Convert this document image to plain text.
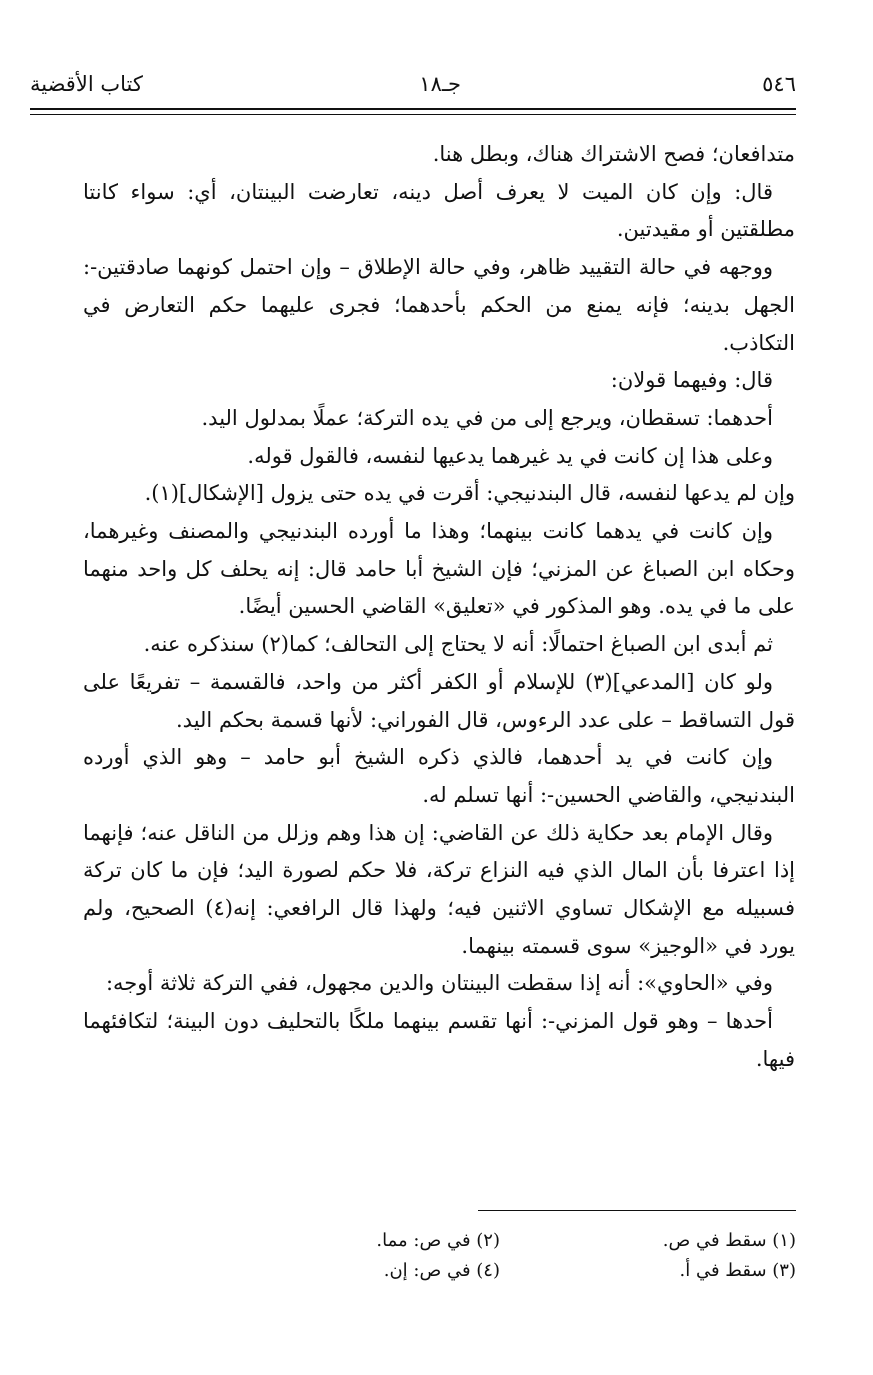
٥٤٦
جـ١٨
كتاب الأقضية

متدافعان؛ فصح الاشتراك هناك، وبطل هنا.

قال: وإن كان الميت لا يعرف أصل دينه، تعارضت البينتان، أي: سواء كانتا مطلقتين أو مقيدتين.

ووجهه في حالة التقييد ظاهر، وفي حالة الإطلاق – وإن احتمل كونهما صادقتين-: الجهل بدينه؛ فإنه يمنع من الحكم بأحدهما؛ فجرى عليهما حكم التعارض في التكاذب.

قال: وفيهما قولان:

أحدهما: تسقطان، ويرجع إلى من في يده التركة؛ عملًا بمدلول اليد.

وعلى هذا إن كانت في يد غيرهما يدعيها لنفسه، فالقول قوله.

وإن لم يدعها لنفسه، قال البندنيجي: أقرت في يده حتى يزول [الإشكال](١).

وإن كانت في يدهما كانت بينهما؛ وهذا ما أورده البندنيجي والمصنف وغيرهما، وحكاه ابن الصباغ عن المزني؛ فإن الشيخ أبا حامد قال: إنه يحلف كل واحد منهما على ما في يده. وهو المذكور في «تعليق» القاضي الحسين أيضًا.

ثم أبدى ابن الصباغ احتمالًا: أنه لا يحتاج إلى التحالف؛ كما(٢) سنذكره عنه.

ولو كان [المدعي](٣) للإسلام أو الكفر أكثر من واحد، فالقسمة – تفريعًا على قول التساقط – على عدد الرءوس، قال الفوراني: لأنها قسمة بحكم اليد.

وإن كانت في يد أحدهما، فالذي ذكره الشيخ أبو حامد – وهو الذي أورده البندنيجي، والقاضي الحسين-: أنها تسلم له.

وقال الإمام بعد حكاية ذلك عن القاضي: إن هذا وهم وزلل من الناقل عنه؛ فإنهما إذا اعترفا بأن المال الذي فيه النزاع تركة، فلا حكم لصورة اليد؛ فإن ما كان تركة فسبيله مع الإشكال تساوي الاثنين فيه؛ ولهذا قال الرافعي: إنه(٤) الصحيح، ولم يورد في «الوجيز» سوى قسمته بينهما.

وفي «الحاوي»: أنه إذا سقطت البينتان والدين مجهول، ففي التركة ثلاثة أوجه:

أحدها – وهو قول المزني-: أنها تقسم بينهما ملكًا بالتحليف دون البينة؛ لتكافئهما فيها.

(١) سقط في ص.
(٢) في ص: مما.
(٣) سقط في أ.
(٤) في ص: إن.
